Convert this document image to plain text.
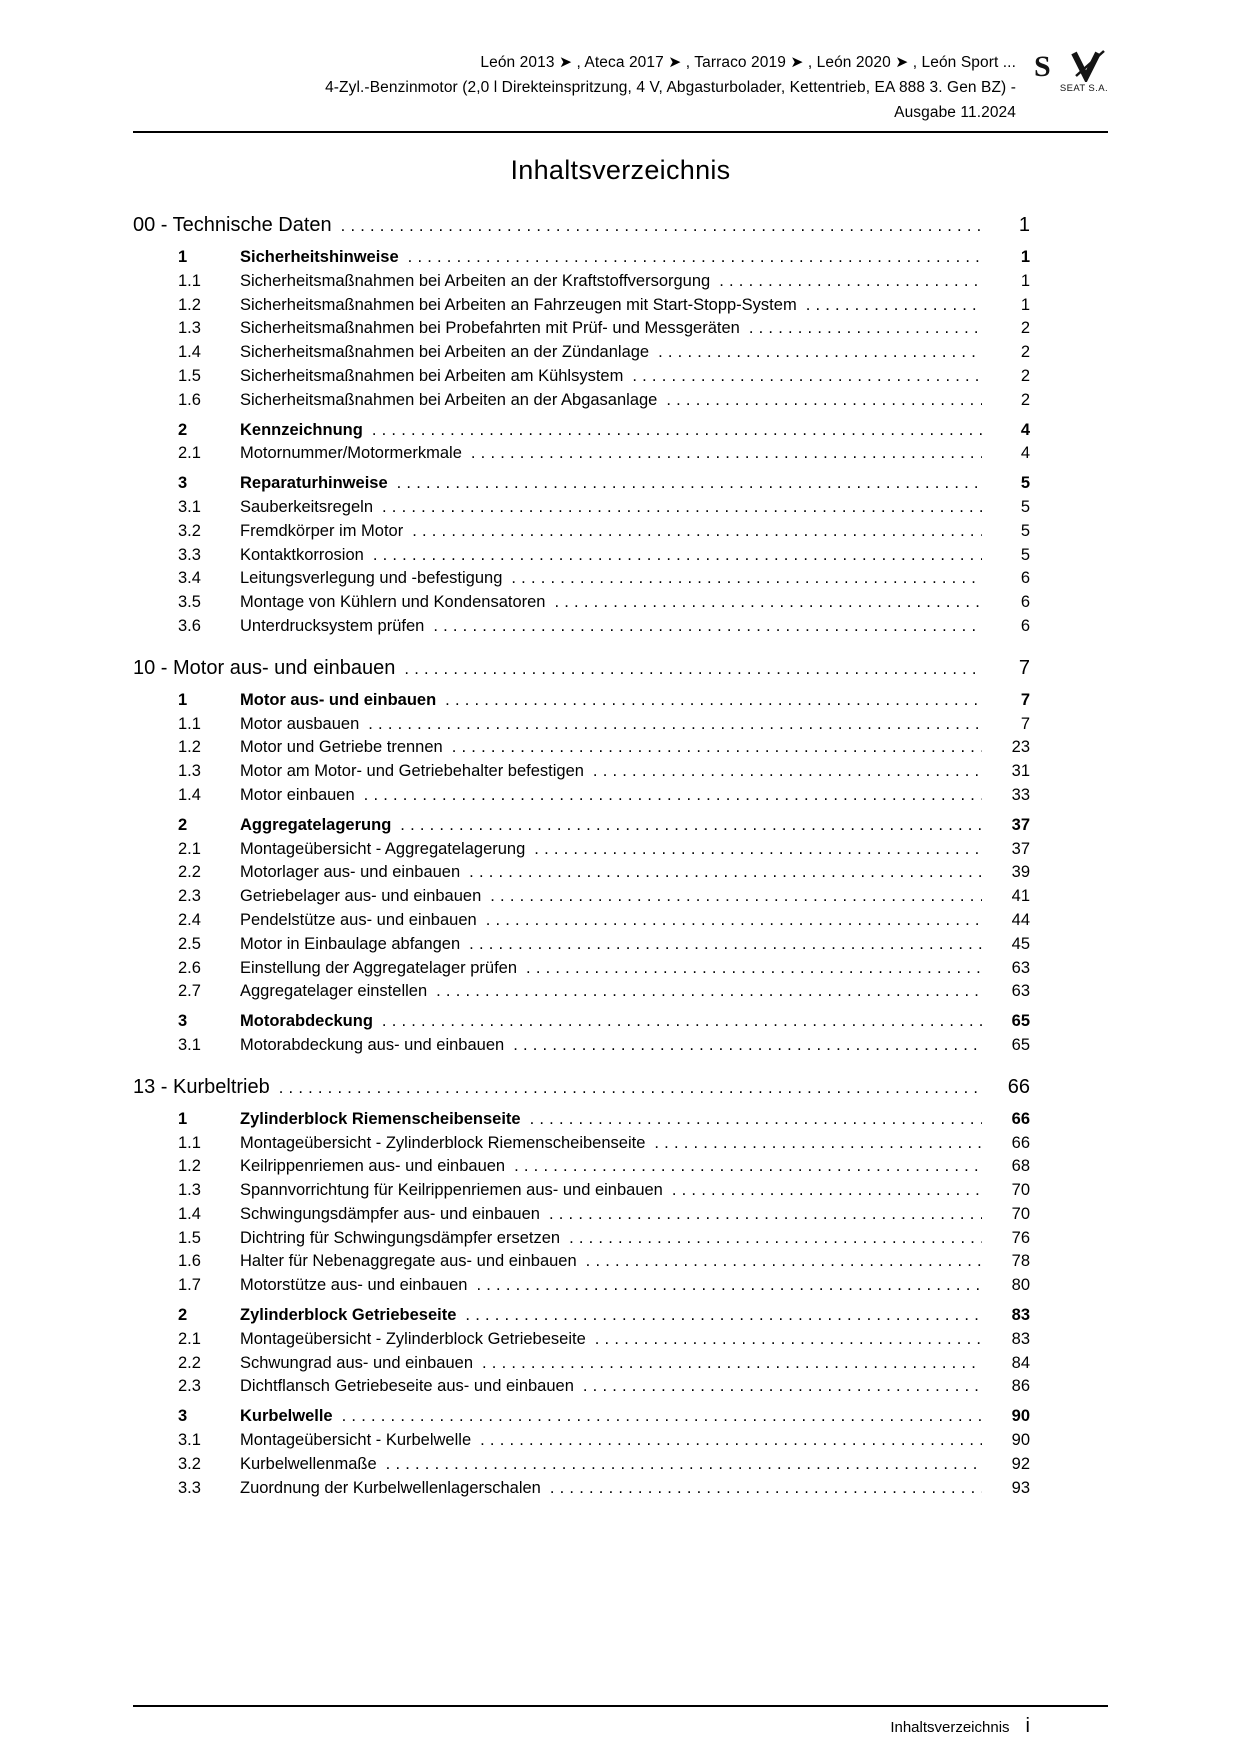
León 2013 ➤ , Ateca 2017 ➤ , Tarraco 2019 ➤ , León 2020 ➤ , León Sport ...
4-Zyl.-Benzinmotor (2,0 l Direkteinspritzung, 4 V, Abgasturbolader, Kettentrieb, EA 888 3. Gen BZ) -
Ausgabe 11.2024
S
SEAT S.A.
Inhaltsverzeichnis
00 - Technische Daten .....	1
1	Sicherheitshinweise .....	1
1.1	Sicherheitsmaßnahmen bei Arbeiten an der Kraftstoffversorgung .....	1
1.2	Sicherheitsmaßnahmen bei Arbeiten an Fahrzeugen mit Start-Stopp-System .....	1
1.3	Sicherheitsmaßnahmen bei Probefahrten mit Prüf- und Messgeräten .....	2
1.4	Sicherheitsmaßnahmen bei Arbeiten an der Zündanlage .....	2
1.5	Sicherheitsmaßnahmen bei Arbeiten am Kühlsystem .....	2
1.6	Sicherheitsmaßnahmen bei Arbeiten an der Abgasanlage .....	2
2	Kennzeichnung .....	4
2.1	Motornummer/Motormerkmale .....	4
3	Reparaturhinweise .....	5
3.1	Sauberkeitsregeln .....	5
3.2	Fremdkörper im Motor .....	5
3.3	Kontaktkorrosion .....	5
3.4	Leitungsverlegung und -befestigung .....	6
3.5	Montage von Kühlern und Kondensatoren .....	6
3.6	Unterdrucksystem prüfen .....	6
10 - Motor aus- und einbauen .....	7
1	Motor aus- und einbauen .....	7
1.1	Motor ausbauen .....	7
1.2	Motor und Getriebe trennen .....	23
1.3	Motor am Motor- und Getriebehalter befestigen .....	31
1.4	Motor einbauen .....	33
2	Aggregatelagerung .....	37
2.1	Montageübersicht - Aggregatelagerung .....	37
2.2	Motorlager aus- und einbauen .....	39
2.3	Getriebelager aus- und einbauen .....	41
2.4	Pendelstütze aus- und einbauen .....	44
2.5	Motor in Einbaulage abfangen .....	45
2.6	Einstellung der Aggregatelager prüfen .....	63
2.7	Aggregatelager einstellen .....	63
3	Motorabdeckung .....	65
3.1	Motorabdeckung aus- und einbauen .....	65
13 - Kurbeltrieb .....	66
1	Zylinderblock Riemenscheibenseite .....	66
1.1	Montageübersicht - Zylinderblock Riemenscheibenseite .....	66
1.2	Keilrippenriemen aus- und einbauen .....	68
1.3	Spannvorrichtung für Keilrippenriemen aus- und einbauen .....	70
1.4	Schwingungsdämpfer aus- und einbauen .....	70
1.5	Dichtring für Schwingungsdämpfer ersetzen .....	76
1.6	Halter für Nebenaggregate aus- und einbauen .....	78
1.7	Motorstütze aus- und einbauen .....	80
2	Zylinderblock Getriebeseite .....	83
2.1	Montageübersicht - Zylinderblock Getriebeseite .....	83
2.2	Schwungrad aus- und einbauen .....	84
2.3	Dichtflansch Getriebeseite aus- und einbauen .....	86
3	Kurbelwelle .....	90
3.1	Montageübersicht - Kurbelwelle .....	90
3.2	Kurbelwellenmaße .....	92
3.3	Zuordnung der Kurbelwellenlagerschalen .....	93
Inhaltsverzeichnis i
